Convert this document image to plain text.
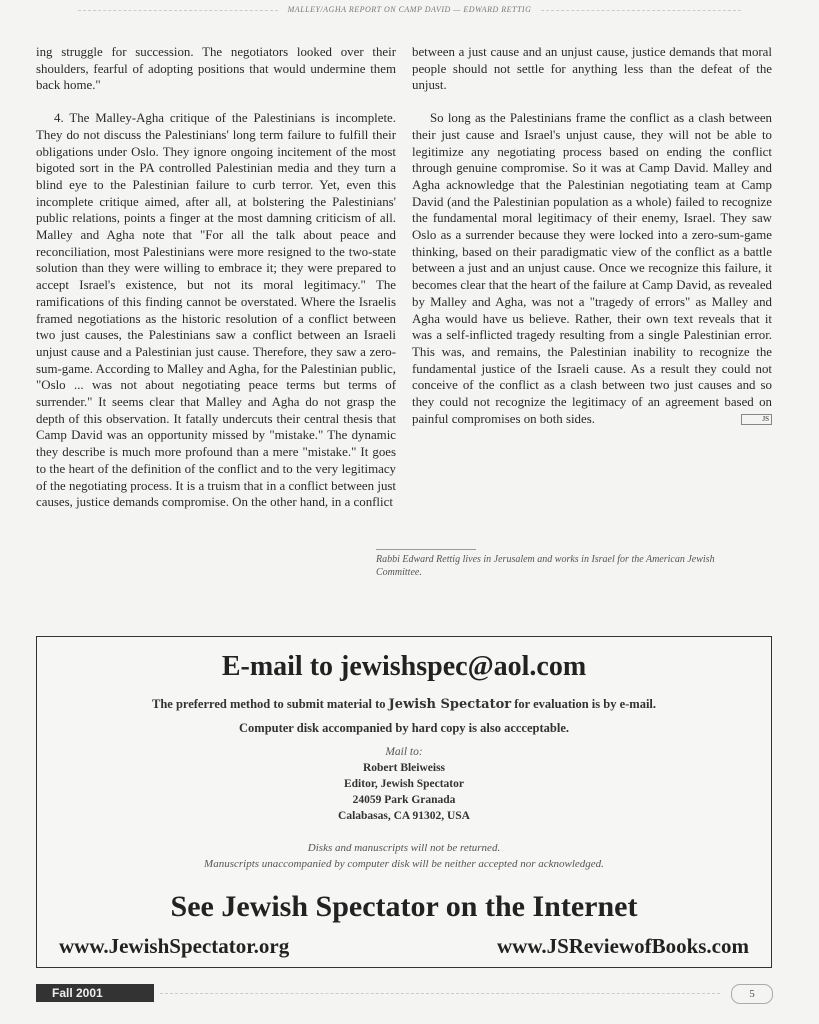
MALLEY/AGHA REPORT ON CAMP DAVID — EDWARD RETTIG

ing struggle for succession. The negotiators looked over their shoulders, fearful of adopting positions that would undermine them back home."

4. The Malley-Agha critique of the Palestinians is incomplete. They do not discuss the Palestinians' long term failure to fulfill their obligations under Oslo. They ignore ongoing incitement of the most bigoted sort in the PA controlled Palestinian media and they turn a blind eye to the Palestinian failure to curb terror. Yet, even this incomplete critique aimed, after all, at bolstering the Palestinians' public relations, points a finger at the most damning criticism of all. Malley and Agha note that "For all the talk about peace and reconciliation, most Palestinians were more resigned to the two-state solution than they were willing to embrace it; they were prepared to accept Israel's existence, but not its moral legitimacy." The ramifications of this finding cannot be overstated. Where the Israelis framed negotiations as the historic resolution of a conflict between two just causes, the Palestinians saw a conflict between an Israeli unjust cause and a Palestinian just cause. Therefore, they saw a zero-sum-game. According to Malley and Agha, for the Palestinian public, "Oslo ... was not about negotiating peace terms but terms of surrender." It seems clear that Malley and Agha do not grasp the depth of this observation. It fatally undercuts their central thesis that Camp David was an opportunity missed by "mistake." The dynamic they describe is much more profound than a mere "mistake." It goes to the heart of the definition of the conflict and to the very legitimacy of the negotiating process. It is a truism that in a conflict between just causes, justice demands compromise. On the other hand, in a conflict

between a just cause and an unjust cause, justice demands that moral people should not settle for anything less than the defeat of the unjust.

So long as the Palestinians frame the conflict as a clash between their just cause and Israel's unjust cause, they will not be able to legitimize any negotiating process based on ending the conflict through genuine compromise. So it was at Camp David. Malley and Agha acknowledge that the Palestinian negotiating team at Camp David (and the Palestinian population as a whole) failed to recognize the fundamental moral legitimacy of their enemy, Israel. They saw Oslo as a surrender because they were locked into a zero-sum-game thinking, based on their paradigmatic view of the conflict as a battle between a just and an unjust cause. Once we recognize this failure, it becomes clear that the heart of the failure at Camp David, as revealed by Malley and Agha, was not a "tragedy of errors" as Malley and Agha would have us believe. Rather, their own text reveals that it was a self-inflicted tragedy resulting from a single Palestinian error. This was, and remains, the Palestinian inability to recognize the fundamental justice of the Israeli cause. As a result they could not conceive of the conflict as a clash between two just causes and so they could not recognize the legitimacy of an agreement based on painful compromises on both sides.	JS

Rabbi Edward Rettig lives in Jerusalem and works in Israel for the American Jewish Committee.
E-mail to jewishspec@aol.com
The preferred method to submit material to Jewish Spectator for evaluation is by e-mail.
Computer disk accompanied by hard copy is also accceptable.
Mail to:
Robert Bleiweiss
Editor, Jewish Spectator
24059 Park Granada
Calabasas, CA 91302, USA
Disks and manuscripts will not be returned.
Manuscripts unaccompanied by computer disk will be neither accepted nor acknowledged.
See Jewish Spectator on the Internet
www.JewishSpectator.org	www.JSReviewofBooks.com
Fall 2001	5
